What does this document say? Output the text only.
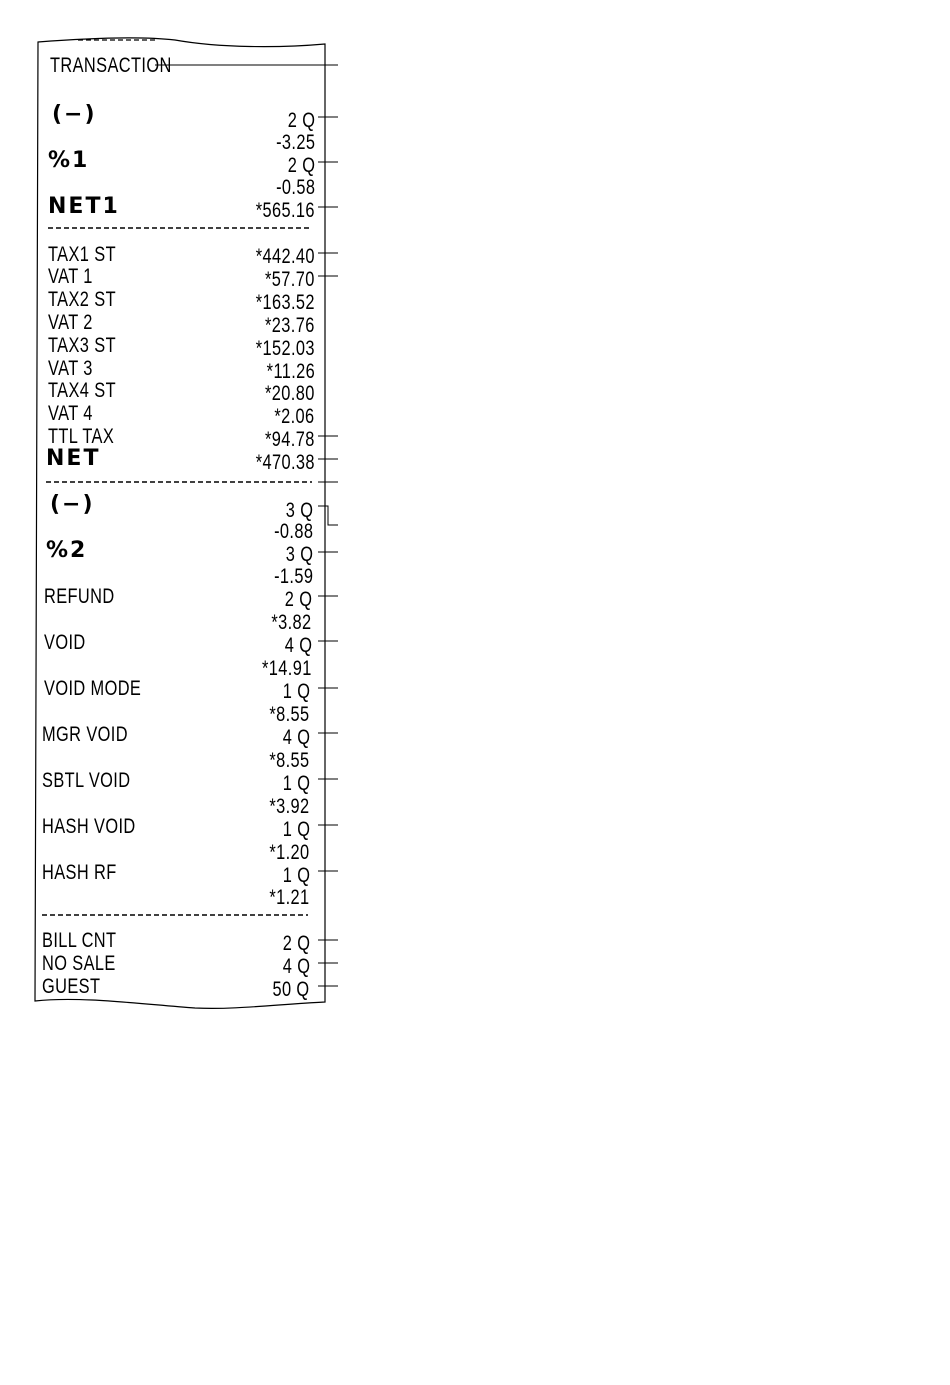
TRANSACTION
(−)	2 Q
-3.25
%1	2 Q
-0.58
NET1	*565.16
TAX1 ST	*442.40
VAT 1	*57.70
TAX2 ST	*163.52
VAT 2	*23.76
TAX3 ST	*152.03
VAT 3	*11.26
TAX4 ST	*20.80
VAT 4	*2.06
TTL TAX	*94.78
NET	*470.38
(−)	3 Q
-0.88
%2	3 Q
-1.59
REFUND	2 Q
*3.82
VOID	4 Q
*14.91
VOID MODE	1 Q
*8.55
MGR VOID	4 Q
*8.55
SBTL VOID	1 Q
*3.92
HASH VOID	1 Q
*1.20
HASH RF	1 Q
*1.21
BILL CNT	2 Q
NO SALE	4 Q
GUEST	50 Q
